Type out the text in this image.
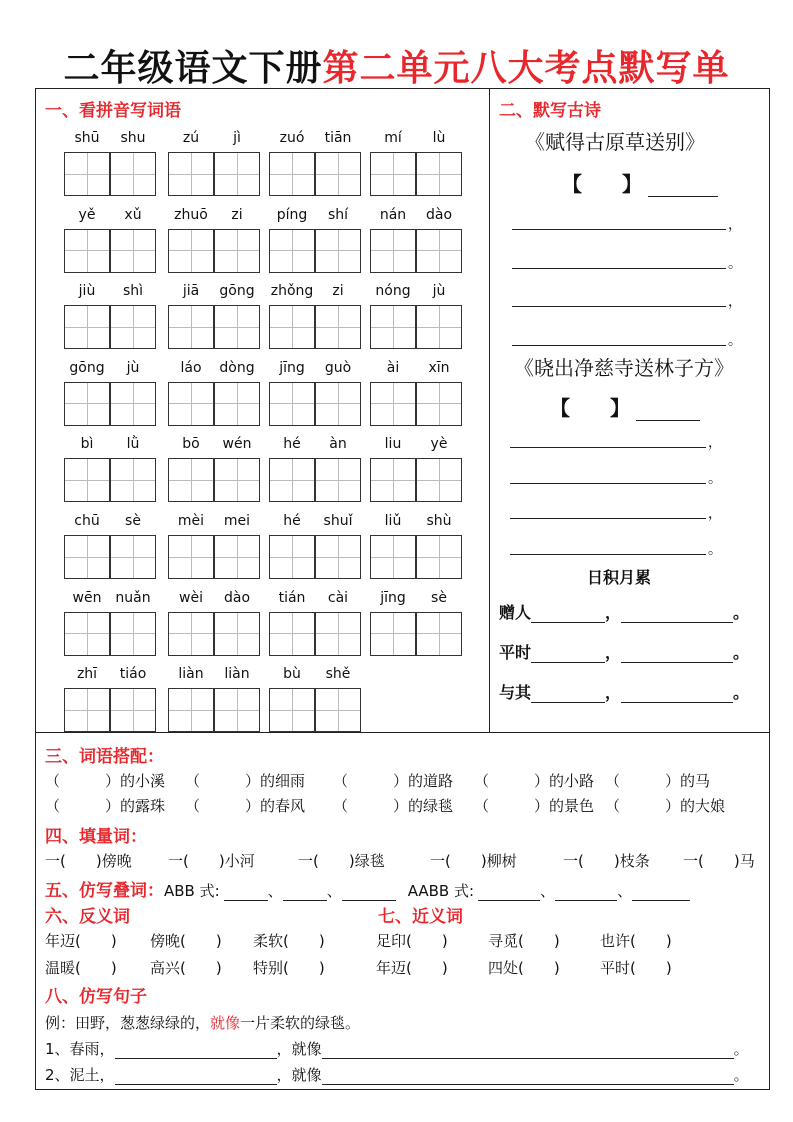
二年级语文下册第二单元八大考点默写单
一、看拼音写词语
shū	shu	zú	jì	zuó	tiān	mí	lù
yě	xǔ	zhuō	zi	píng	shí	nán	dào
jiù	shì	jiā	gōng	zhǒng	zi	nóng	jù
gōng	jù	láo	dòng	jīng	guò	ài	xīn
bì	lǜ	bō	wén	hé	àn	liu	yè
chū	sè	mèi	mei	hé	shuǐ	liǔ	shù
wēn nuǎn	wèi	dào	tián	cài	jīng	sè
zhī	tiáo	liàn	liàn	bù	shě
二、默写古诗
《赋得古原草送别》
【　　】
，
。
，
。
《晓出净慈寺送林子方》
【　　】
，
。
，
。
日积月累
赠人	，	。
平时	，	。
与其	，	。
三、词语搭配：
（　　　）的小溪 （　　　）的细雨 （　　　）的道路 （　　　）的小路 （　　　）的马
（　　　）的露珠 （　　　）的春风 （　　　）的绿毯 （　　　）的景色 （　　　）的大娘
四、填量词：
一(　　)傍晚 一(　　)小河	一(　　)绿毯	一(　　)柳树	一(　　)枝条 一(　　)马
五、仿写叠词：ABB 式:	、	、	AABB 式:	、	、
六、反义词	七、近义词
年迈(　　) 傍晚(　　) 柔软(　　)
温暖(　　) 高兴(　　) 特别(　　)
足印(　　)	寻觅(　　)	也许(　　)
年迈(　　)	四处(　　)	平时(　　)
八、仿写句子
例：田野，葱葱绿绿的，就像一片柔软的绿毯。
1、春雨，	，就像	。
2、泥土，	，就像	。
